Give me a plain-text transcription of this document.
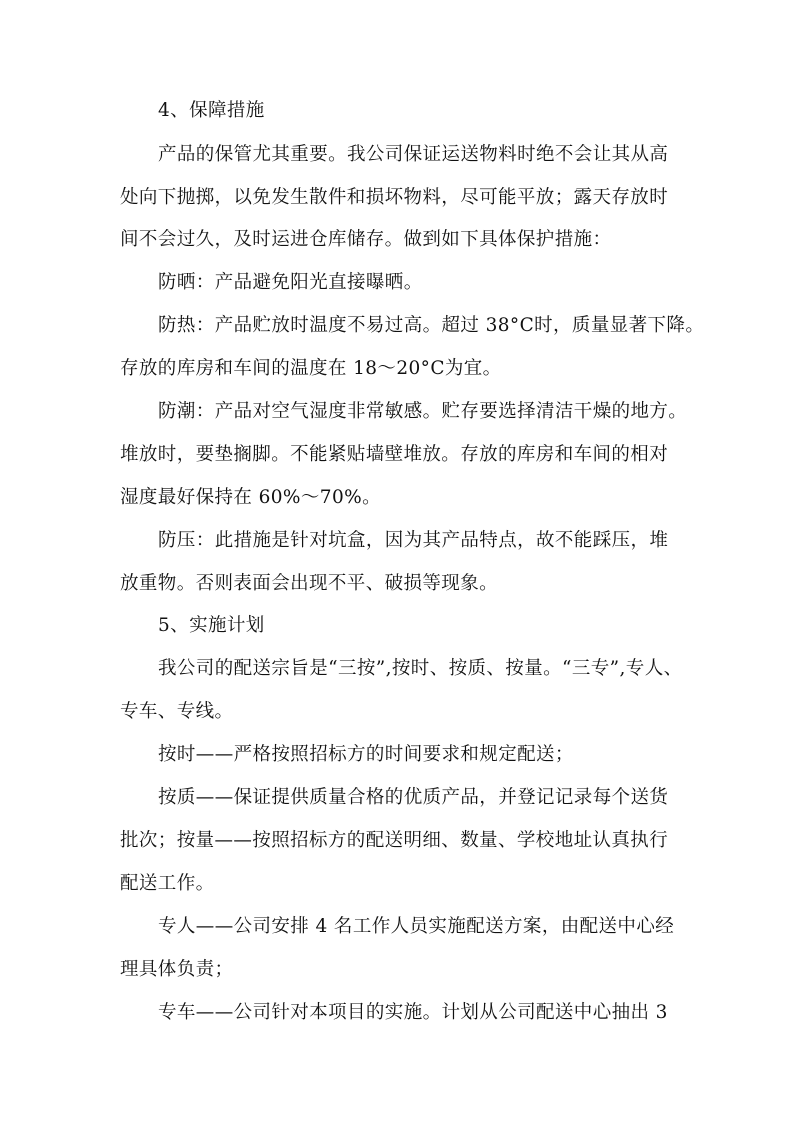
4、保障措施
产品的保管尤其重要。我公司保证运送物料时绝不会让其从高
处向下抛掷，以免发生散件和损坏物料，尽可能平放；露天存放时
间不会过久，及时运进仓库储存。做到如下具体保护措施：
防晒：产品避免阳光直接曝晒。
防热：产品贮放时温度不易过高。超过 38°C时，质量显著下降。
存放的库房和车间的温度在 18～20°C为宜。
防潮：产品对空气湿度非常敏感。贮存要选择清洁干燥的地方。
堆放时，要垫搁脚。不能紧贴墙壁堆放。存放的库房和车间的相对
湿度最好保持在 60%～70%。
防压：此措施是针对坑盒，因为其产品特点，故不能踩压，堆
放重物。否则表面会出现不平、破损等现象。
5、实施计划
我公司的配送宗旨是“三按”,按时、按质、按量。“三专”,专人、
专车、专线。
按时——严格按照招标方的时间要求和规定配送；
按质——保证提供质量合格的优质产品，并登记记录每个送货
批次；按量——按照招标方的配送明细、数量、学校地址认真执行
配送工作。
专人——公司安排 4 名工作人员实施配送方案，由配送中心经
理具体负责；
专车——公司针对本项目的实施。计划从公司配送中心抽出 3
